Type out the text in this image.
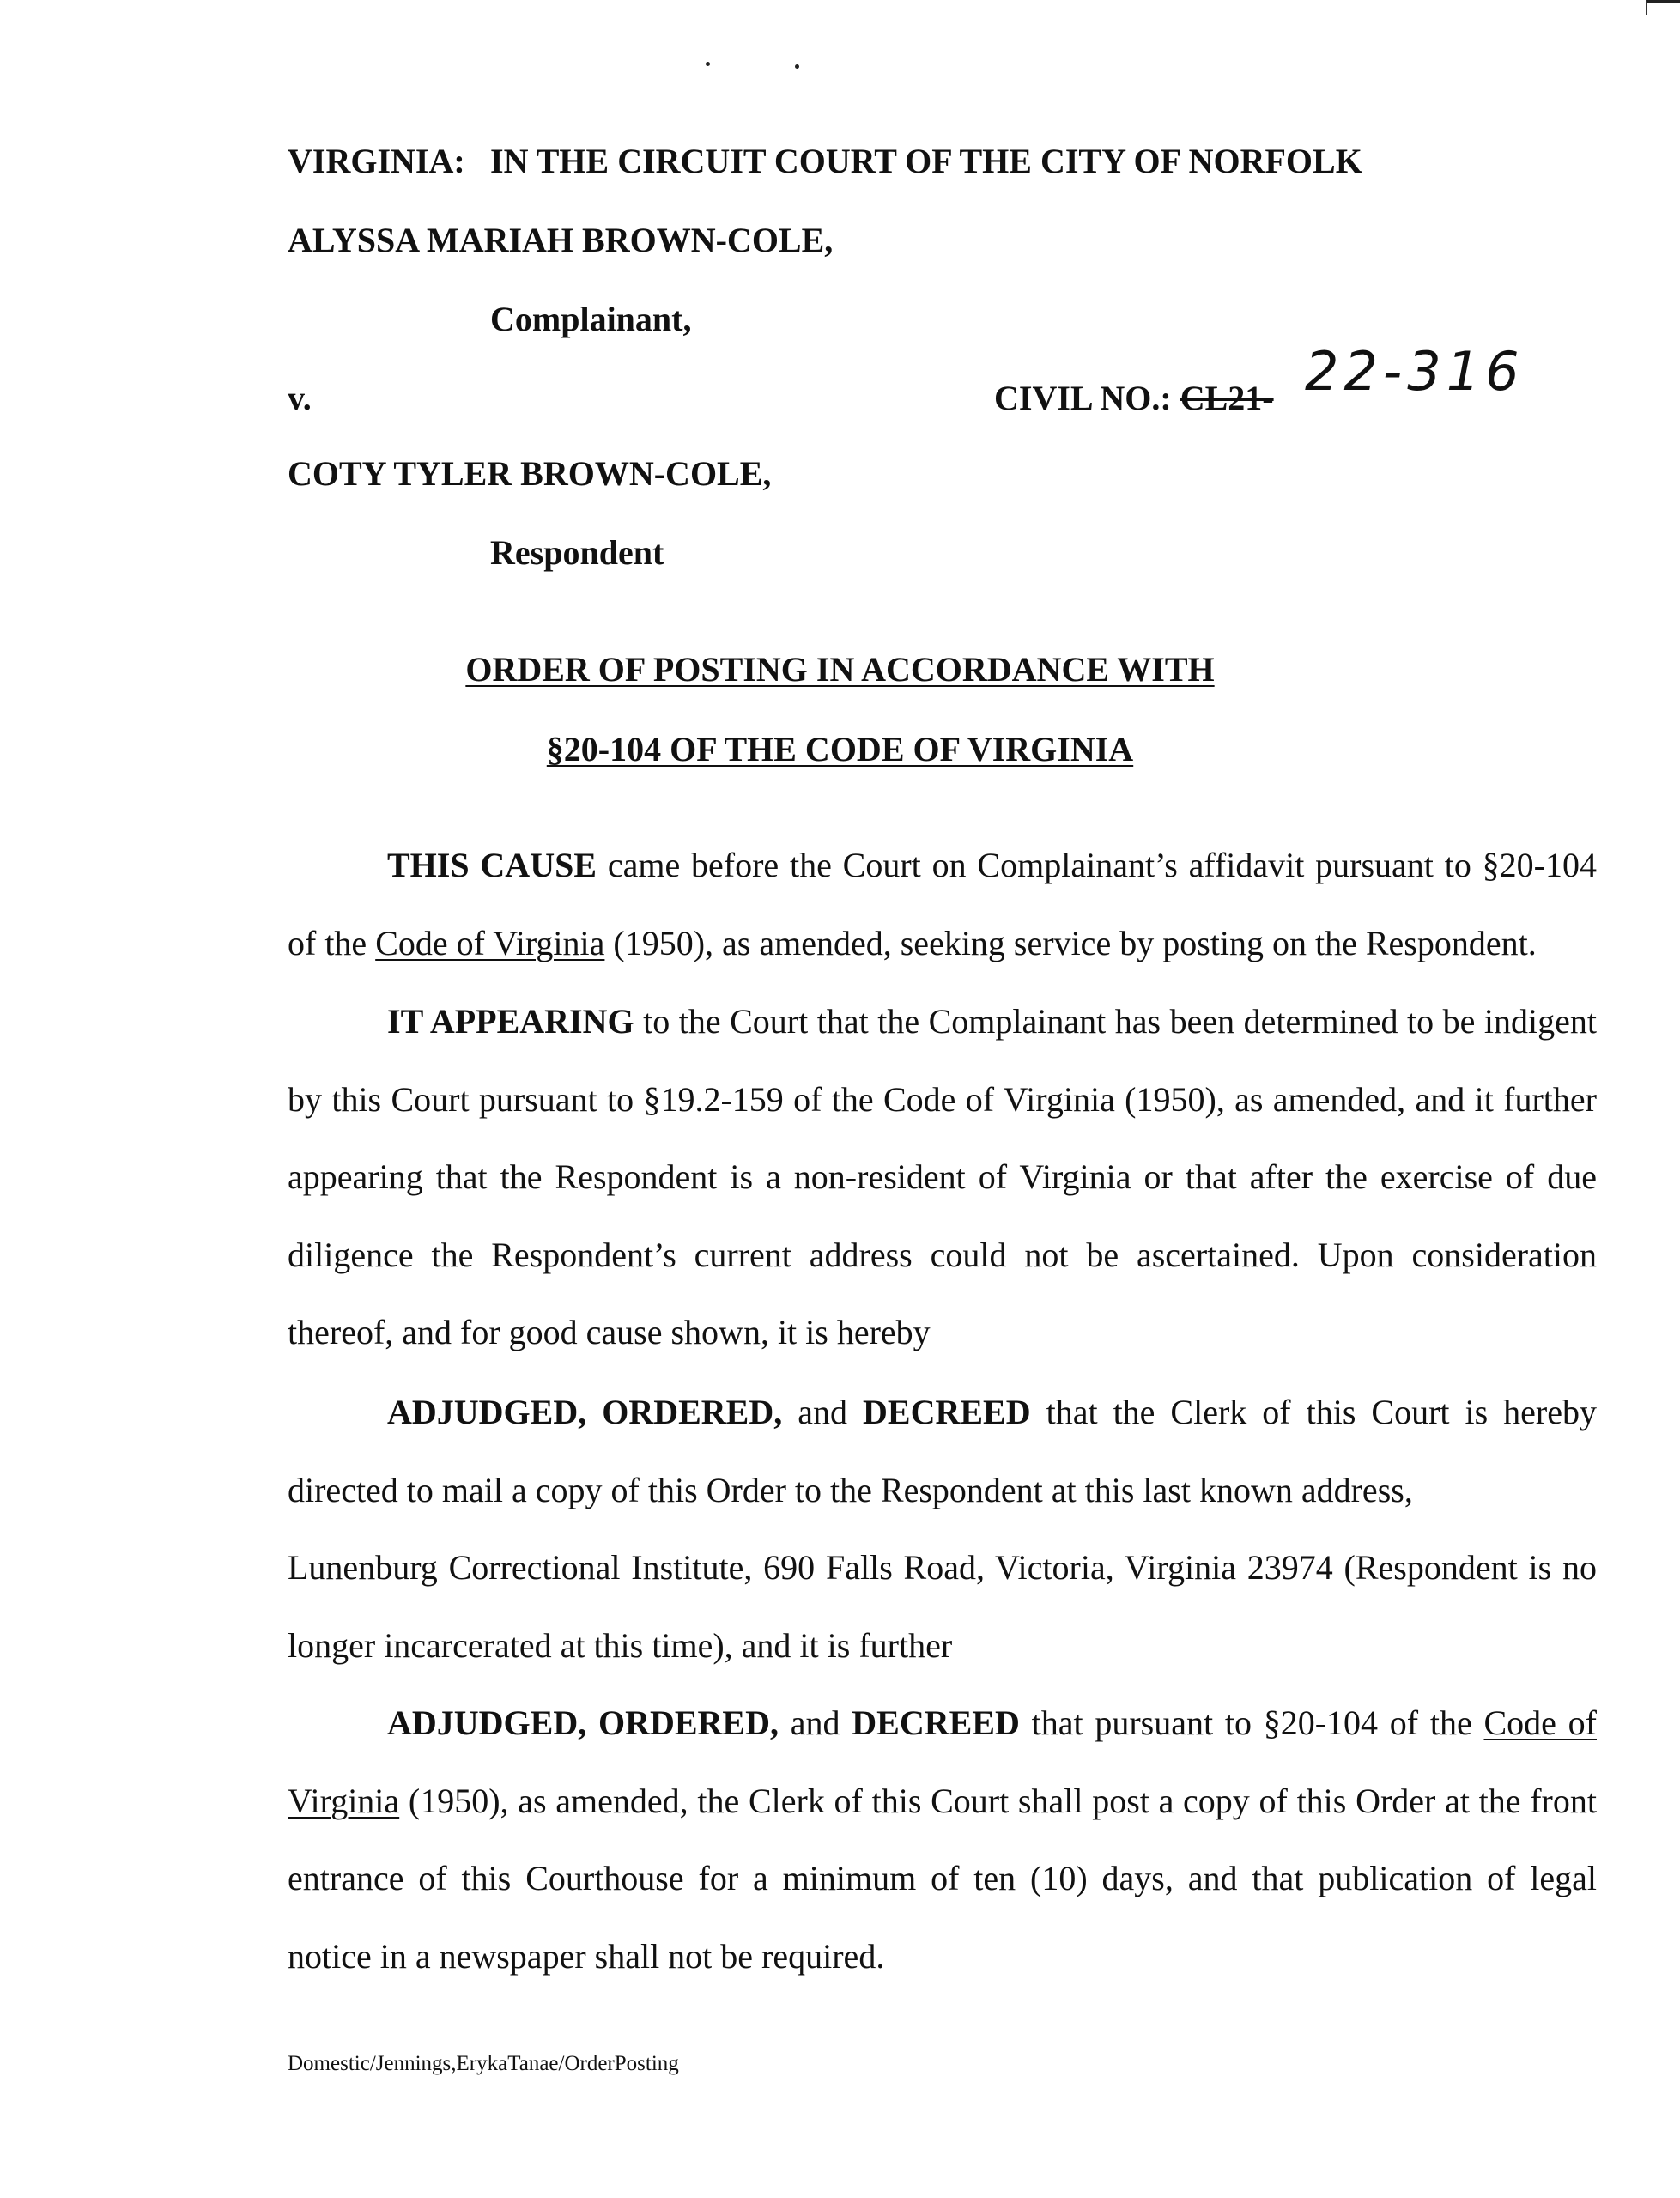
VIRGINIA: IN THE CIRCUIT COURT OF THE CITY OF NORFOLK
ALYSSA MARIAH BROWN-COLE,
Complainant,
v.	CIVIL NO.: CL21- 22-316
COTY TYLER BROWN-COLE,
Respondent
ORDER OF POSTING IN ACCORDANCE WITH
§20-104 OF THE CODE OF VIRGINIA
THIS CAUSE came before the Court on Complainant’s affidavit pursuant to §20-104 of the Code of Virginia (1950), as amended, seeking service by posting on the Respondent.
IT APPEARING to the Court that the Complainant has been determined to be indigent by this Court pursuant to §19.2-159 of the Code of Virginia (1950), as amended, and it further appearing that the Respondent is a non-resident of Virginia or that after the exercise of due diligence the Respondent’s current address could not be ascertained. Upon consideration thereof, and for good cause shown, it is hereby
ADJUDGED, ORDERED, and DECREED that the Clerk of this Court is hereby directed to mail a copy of this Order to the Respondent at this last known address,
Lunenburg Correctional Institute, 690 Falls Road, Victoria, Virginia 23974 (Respondent is no longer incarcerated at this time), and it is further
ADJUDGED, ORDERED, and DECREED that pursuant to §20-104 of the Code of Virginia (1950), as amended, the Clerk of this Court shall post a copy of this Order at the front entrance of this Courthouse for a minimum of ten (10) days, and that publication of legal notice in a newspaper shall not be required.
Domestic/Jennings,ErykaTanae/OrderPosting
